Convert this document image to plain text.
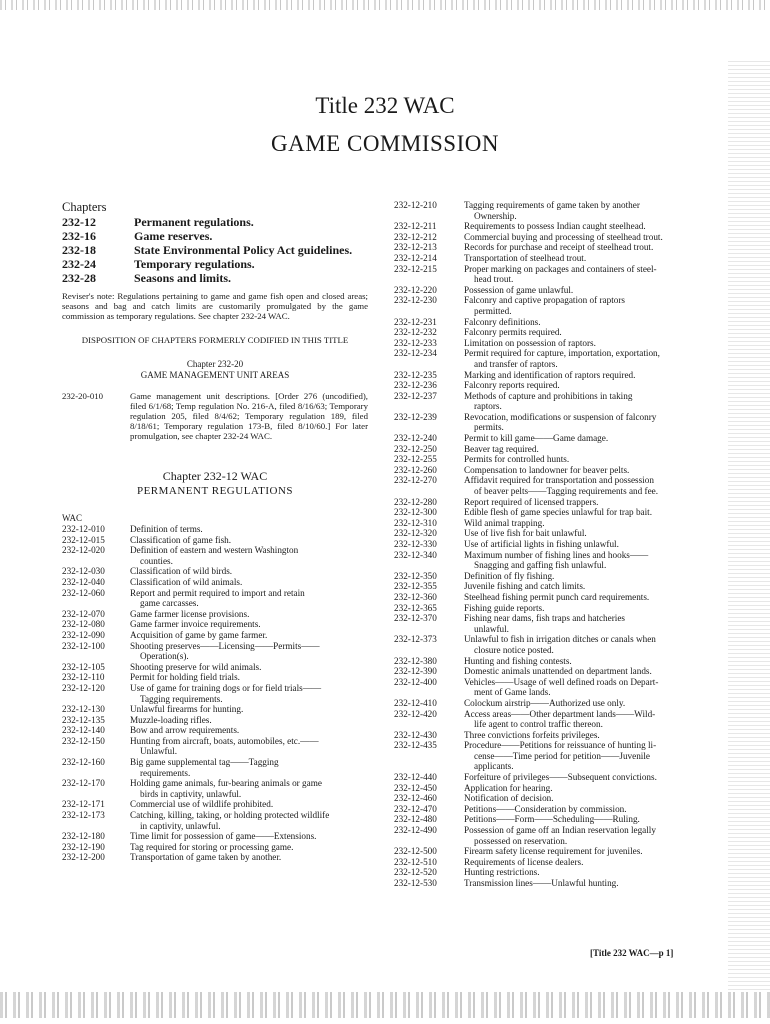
Title 232 WAC
GAME COMMISSION
Chapters
232-12	Permanent regulations.
232-16	Game reserves.
232-18	State Environmental Policy Act guidelines.
232-24	Temporary regulations.
232-28	Seasons and limits.
Reviser's note: Regulations pertaining to game and game fish open and closed areas; seasons and bag and catch limits are customarily promulgated by the game commission as temporary regulations. See chapter 232-24 WAC.
DISPOSITION OF CHAPTERS FORMERLY CODIFIED IN THIS TITLE
Chapter 232-20
GAME MANAGEMENT UNIT AREAS
232-20-010	Game management unit descriptions. [Order 276 (uncodified), filed 6/1/68; Temp regulation No. 216-A, filed 8/16/63; Temporary regulation 205, filed 8/4/62; Temporary regulation 189, filed 8/18/61; Temporary regulation 173-B, filed 8/10/60.] For later promulgation, see chapter 232-24 WAC.
Chapter 232-12 WAC
PERMANENT REGULATIONS
WAC
232-12-010	Definition of terms.
232-12-015	Classification of game fish.
232-12-020	Definition of eastern and western Washington
counties.
232-12-030	Classification of wild birds.
232-12-040	Classification of wild animals.
232-12-060	Report and permit required to import and retain
game carcasses.
232-12-070	Game farmer license provisions.
232-12-080	Game farmer invoice requirements.
232-12-090	Acquisition of game by game farmer.
232-12-100	Shooting preserves——Licensing——Permits——
Operation(s).
232-12-105	Shooting preserve for wild animals.
232-12-110	Permit for holding field trials.
232-12-120	Use of game for training dogs or for field trials——
Tagging requirements.
232-12-130	Unlawful firearms for hunting.
232-12-135	Muzzle-loading rifles.
232-12-140	Bow and arrow requirements.
232-12-150	Hunting from aircraft, boats, automobiles, etc.——
Unlawful.
232-12-160	Big game supplemental tag——Tagging
requirements.
232-12-170	Holding game animals, fur-bearing animals or game
birds in captivity, unlawful.
232-12-171	Commercial use of wildlife prohibited.
232-12-173	Catching, killing, taking, or holding protected wildlife
in captivity, unlawful.
232-12-180	Time limit for possession of game——Extensions.
232-12-190	Tag required for storing or processing game.
232-12-200	Transportation of game taken by another.
232-12-210	Tagging requirements of game taken by another
Ownership.
232-12-211	Requirements to possess Indian caught steelhead.
232-12-212	Commercial buying and processing of steelhead trout.
232-12-213	Records for purchase and receipt of steelhead trout.
232-12-214	Transportation of steelhead trout.
232-12-215	Proper marking on packages and containers of steel-
head trout.
232-12-220	Possession of game unlawful.
232-12-230	Falconry and captive propagation of raptors
permitted.
232-12-231	Falconry definitions.
232-12-232	Falconry permits required.
232-12-233	Limitation on possession of raptors.
232-12-234	Permit required for capture, importation, exportation,
and transfer of raptors.
232-12-235	Marking and identification of raptors required.
232-12-236	Falconry reports required.
232-12-237	Methods of capture and prohibitions in taking
raptors.
232-12-239	Revocation, modifications or suspension of falconry
permits.
232-12-240	Permit to kill game——Game damage.
232-12-250	Beaver tag required.
232-12-255	Permits for controlled hunts.
232-12-260	Compensation to landowner for beaver pelts.
232-12-270	Affidavit required for transportation and possession
of beaver pelts——Tagging requirements and fee.
232-12-280	Report required of licensed trappers.
232-12-300	Edible flesh of game species unlawful for trap bait.
232-12-310	Wild animal trapping.
232-12-320	Use of live fish for bait unlawful.
232-12-330	Use of artificial lights in fishing unlawful.
232-12-340	Maximum number of fishing lines and hooks——
Snagging and gaffing fish unlawful.
232-12-350	Definition of fly fishing.
232-12-355	Juvenile fishing and catch limits.
232-12-360	Steelhead fishing permit punch card requirements.
232-12-365	Fishing guide reports.
232-12-370	Fishing near dams, fish traps and hatcheries
unlawful.
232-12-373	Unlawful to fish in irrigation ditches or canals when
closure notice posted.
232-12-380	Hunting and fishing contests.
232-12-390	Domestic animals unattended on department lands.
232-12-400	Vehicles——Usage of well defined roads on Depart-
ment of Game lands.
232-12-410	Colockum airstrip——Authorized use only.
232-12-420	Access areas——Other department lands——Wild-
life agent to control traffic thereon.
232-12-430	Three convictions forfeits privileges.
232-12-435	Procedure——Petitions for reissuance of hunting li-
cense——Time period for petition——Juvenile
applicants.
232-12-440	Forfeiture of privileges——Subsequent convictions.
232-12-450	Application for hearing.
232-12-460	Notification of decision.
232-12-470	Petitions——Consideration by commission.
232-12-480	Petitions——Form——Scheduling——Ruling.
232-12-490	Possession of game off an Indian reservation legally
possessed on reservation.
232-12-500	Firearm safety license requirement for juveniles.
232-12-510	Requirements of license dealers.
232-12-520	Hunting restrictions.
232-12-530	Transmission lines——Unlawful hunting.
[Title 232 WAC—p 1]
